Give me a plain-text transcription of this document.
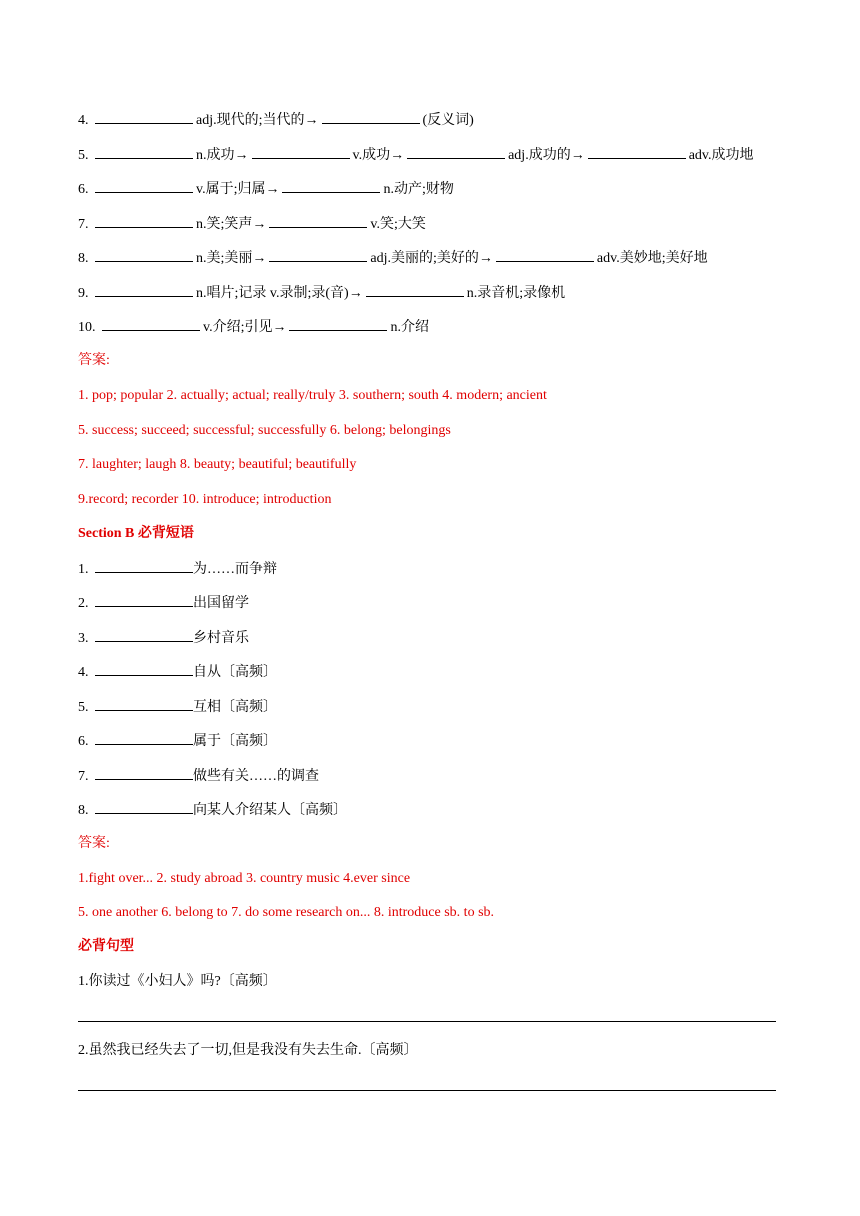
4.	adj.现代的;当代的→	(反义词)
5.	n.成功→	v.成功→	adj.成功的→	adv.成功地
6.	v.属于;归属→	n.动产;财物
7.	n.笑;笑声→	v.笑;大笑
8.	n.美;美丽→	adj.美丽的;美好的→	adv.美妙地;美好地
9.	n.唱片;记录 v.录制;录(音)→	n.录音机;录像机
10.	v.介绍;引见→	n.介绍
答案:
1. pop; popular 2. actually; actual; really/truly 3. southern; south 4. modern; ancient
5. success; succeed; successful; successfully 6. belong; belongings
7. laughter; laugh 8. beauty; beautiful; beautifully
9.record; recorder 10. introduce; introduction
Section B 必背短语
1.	为……而争辩
2.	出国留学
3.	乡村音乐
4.	自从〔高频〕
5.	互相〔高频〕
6.	属于〔高频〕
7.	做些有关……的调查
8.	向某人介绍某人〔高频〕
答案:
1.fight over... 2. study abroad 3. country music 4.ever since
5. one another 6. belong to 7. do some research on... 8. introduce sb. to sb.
必背句型
1.你读过《小妇人》吗?〔高频〕
2.虽然我已经失去了一切,但是我没有失去生命.〔高频〕
